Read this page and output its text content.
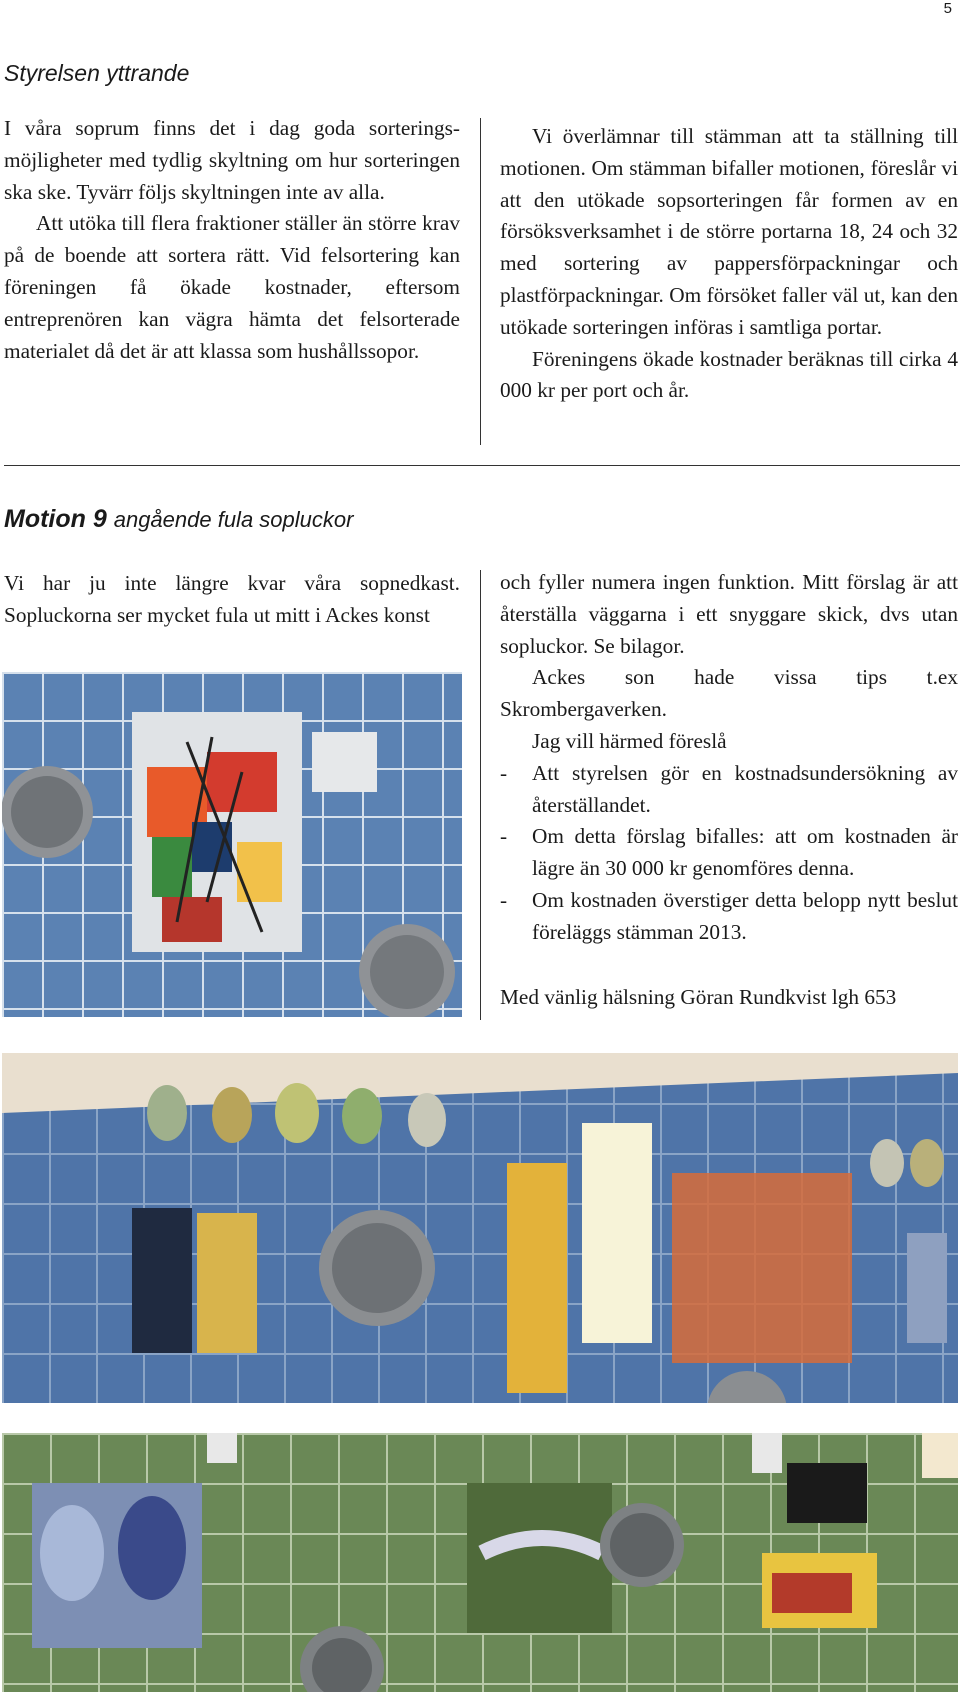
5
Styrelsen yttrande

I våra soprum finns det i dag goda sorterings-möjligheter med tydlig skyltning om hur sorteringen ska ske. Tyvärr följs skyltningen inte av alla.

Att utöka till flera fraktioner ställer än större krav på de boende att sortera rätt. Vid felsortering kan föreningen få ökade kostnader, eftersom entreprenören kan vägra hämta det felsorterade materialet då det är att klassa som hushållssopor.

Vi överlämnar till stämman att ta ställning till motionen. Om stämman bifaller motionen, föreslår vi att den utökade sopsorteringen får formen av en försöksverksamhet i de större portarna 18, 24 och 32 med sortering av pappersförpackningar och plastförpackningar. Om försöket faller väl ut, kan den utökade sorteringen införas i samtliga portar.

Föreningens ökade kostnader beräknas till cirka 4 000 kr per port och år.

Motion 9 angående fula sopluckor

Vi har ju inte längre kvar våra sopnedkast. Sopluckorna ser mycket fula ut mitt i Ackes konst

och fyller numera ingen funktion. Mitt förslag är att återställa väggarna i ett snyggare skick, dvs utan sopluckor. Se bilagor.

Ackes son hade vissa tips t.ex Skrombergaverken.

Jag vill härmed föreslå

- Att styrelsen gör en kostnadsundersökning av återställandet.
- Om detta förslag bifalles: att om kostnaden är lägre än 30 000 kr genomföres denna.
- Om kostnaden överstiger detta belopp nytt beslut föreläggs stämman 2013.
Med vänlig hälsning Göran Rundkvist lgh 653
